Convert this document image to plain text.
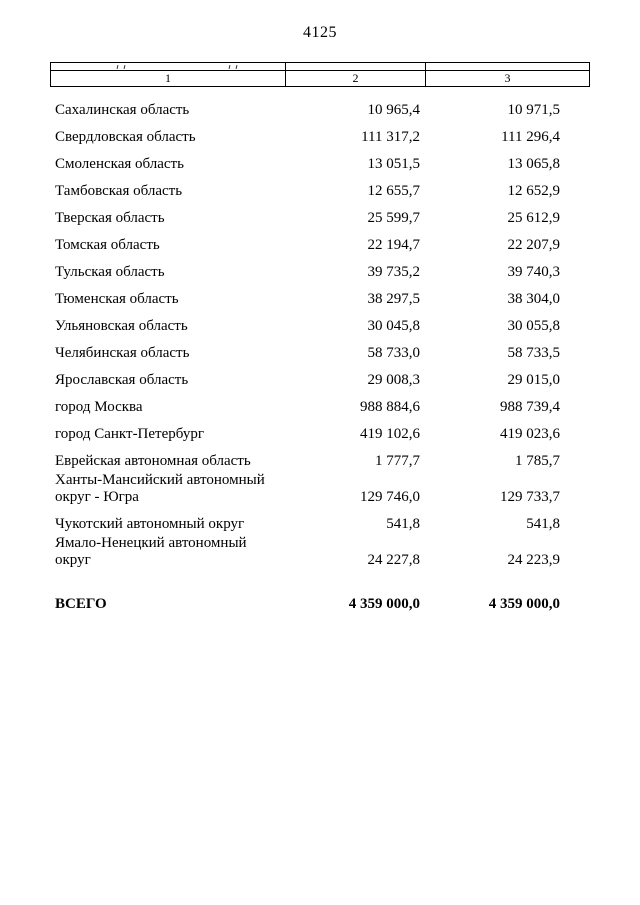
4125
1	2	3
Сахалинская область	10 965,4	10 971,5
Свердловская область	111 317,2	111 296,4
Смоленская область	13 051,5	13 065,8
Тамбовская область	12 655,7	12 652,9
Тверская область	25 599,7	25 612,9
Томская область	22 194,7	22 207,9
Тульская область	39 735,2	39 740,3
Тюменская область	38 297,5	38 304,0
Ульяновская область	30 045,8	30 055,8
Челябинская область	58 733,0	58 733,5
Ярославская область	29 008,3	29 015,0
город Москва	988 884,6	988 739,4
город Санкт-Петербург	419 102,6	419 023,6
Еврейская автономная область	1 777,7	1 785,7
Ханты-Мансийский автономный округ - Югра	129 746,0	129 733,7
Чукотский автономный округ	541,8	541,8
Ямало-Ненецкий автономный округ	24 227,8	24 223,9
ВСЕГО	4 359 000,0	4 359 000,0
